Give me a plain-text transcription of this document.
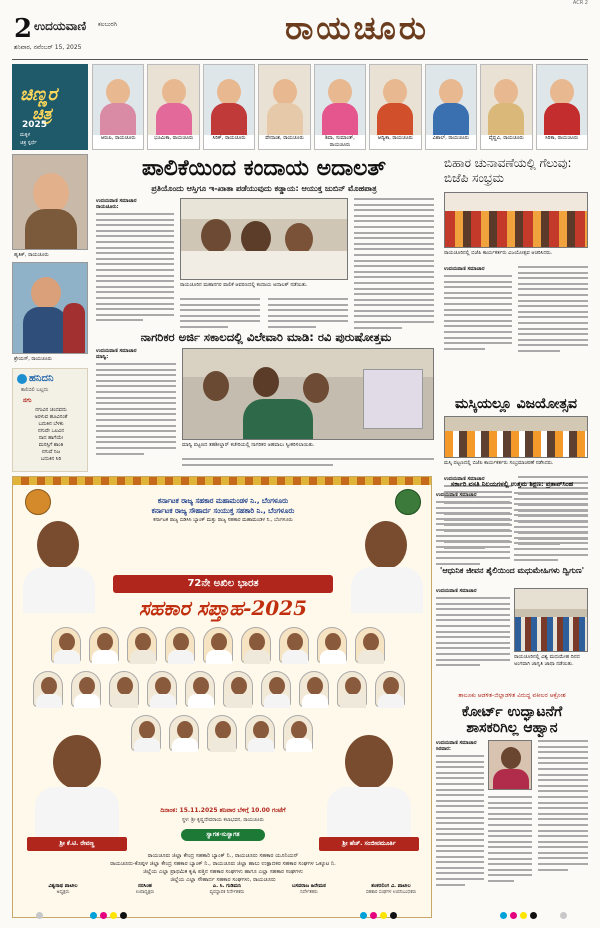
2 ಉದಯವಾಣಿ ಕಲಬುರಗಿ
ಶನಿವಾರ, ನವೆಂಬರ್ 15, 2025
ರಾಯಚೂರು
ACR 2
ಚಿಣ್ಣರ
ಚಿತ್ರ
2025
ಮಕ್ಕಳ
ಚಿತ್ರ ಸ್ಪರ್ಧೆ
ಆರುಷಿ, ರಾಯಚೂರು	ಭೂಮಿಕಾ, ರಾಯಚೂರು	ಸಿರಿಕ್, ರಾಯಚೂರು	ವೇದಾಂಶ, ರಾಯಚೂರು	ಶಿವಾ, ಸುಮಾಂತ್, ರಾಯಚೂರು
ಆದ್ವಿಕಾ, ರಾಯಚೂರು	ವಿಶಾಲ್, ರಾಯಚೂರು	ವೈಷ್ಣವಿ, ರಾಯಚೂರು	ಸಿರಿಕಾ, ರಾಯಚೂರು
ಹೃತಿಕ್, ರಾಯಚೂರು
ಶ್ರೇಯಸ್, ರಾಯಚೂರು
ಹನಿದನಿ
ಕಾಲಿಬಿಲಿ ಬಲ್ಲದು
ನಗು
ನಗುವಿನ ಚಂದವದು
ಅರಳುವ ಹೂವಿನಂತೆ
ಬದುಕಿನ ಬೆಳಕು
ನಗುವೇ ಒಲವಿನ
ನಾದ ಹಾಗೆಯೇ
ಮನಸ್ಸಿಗೆ ಶಾಂತಿ
ನಗುವೆ ನಿಜ
ಬದುಕಿನ ಸಿರಿ
ಪಾಲಿಕೆಯಿಂದ ಕಂದಾಯ ಅದಾಲತ್
ಪ್ರತಿಯೊಂದು ಆಸ್ತಿಗೂ ಇ-ಖಾತಾ ಪಡೆಯುವುದು ಕಡ್ಡಾಯ: ಆಯುಕ್ತ ಜುಬಿನ್ ಮೊಹಪಾತ್ರ
ಉದಯವಾಣಿ ಸಮಾಚಾರ
ರಾಯಚೂರು:
ರಾಯಚೂರಿನ ಮಹಾನಗರ ಪಾಲಿಕೆ ಆವರಣದಲ್ಲಿ ಕಂದಾಯ ಅದಾಲತ್ ನಡೆಯಿತು.
ನಾಗರಿಕರ ಅರ್ಜಿ ಸಕಾಲದಲ್ಲಿ ವಿಲೇವಾರಿ ಮಾಡಿ: ರವಿ ಪುರುಷೋತ್ತಮ
ಉದಯವಾಣಿ ಸಮಾಚಾರ
ಮಾನ್ವಿ:
ಮಾನ್ವಿ ಪಟ್ಟಣದ ತಹಶೀಲ್ದಾರ್ ಕಚೇರಿಯಲ್ಲಿ ನಾಗರಿಕರ ಅಹವಾಲು ಸ್ವೀಕರಿಸಲಾಯಿತು.
ಬಿಹಾರ ಚುನಾವಣೆಯಲ್ಲಿ ಗೆಲುವು: ಬಿಜೆಪಿ ಸಂಭ್ರಮ
ರಾಯಚೂರಿನಲ್ಲಿ ಬಿಜೆಪಿ ಕಾರ್ಯಕರ್ತರು ವಿಜಯೋತ್ಸವ ಆಚರಿಸಿದರು.
ಉದಯವಾಣಿ ಸಮಾಚಾರ
ಮಸ್ಕಿಯಲ್ಲೂ ವಿಜಯೋತ್ಸವ
ಮಸ್ಕಿ ಪಟ್ಟಣದಲ್ಲಿ ಬಿಜೆಪಿ ಕಾರ್ಯಕರ್ತರು ಸಂಭ್ರಮಾಚರಣೆ ನಡೆಸಿದರು.
ಉದಯವಾಣಿ ಸಮಾಚಾರ
ಕರ್ನಾಟಕ ರಾಜ್ಯ ಸಹಕಾರ ಮಹಾಮಂಡಳ ನಿ., ಬೆಂಗಳೂರು
ಕರ್ನಾಟಕ ರಾಜ್ಯ ಸೌಹಾರ್ದ ಸಂಯುಕ್ತ ಸಹಕಾರಿ ನಿ., ಬೆಂಗಳೂರು
ಕರ್ನಾಟಕ ರಾಜ್ಯ ಬಿಡಿಸಿಸಿ ಬ್ಯಾಂಕ್ ಮತ್ತು ರಾಜ್ಯ ಸಹಕಾರ ಮಹಾಮಂಡಳ ನಿ., ಬೆಂಗಳೂರು
72ನೇ ಅಖಿಲ ಭಾರತ
ಸಹಕಾರ ಸಪ್ತಾಹ-2025
ಶ್ರೀ ಕೆ.ಟಿ. ರೇವಣ್ಣ	ಶ್ರೀ ಹೆಚ್. ಸಂಜೀವಮೂರ್ತಿ
ದಿನಾಂಕ: 15.11.2025 ಶನಿವಾರ ಬೆಳಿಗ್ಗೆ 10.00 ಗಂಟೆಗೆ
ಸ್ಥಳ: ಶ್ರೀ ಕೃಷ್ಣದೇವರಾಯ ಕಲಾಭವನ, ರಾಯಚೂರು
ಸ್ವಾಗತ-ಸುಸ್ವಾಗತ
ರಾಯಚೂರು ಜಿಲ್ಲಾ ಕೇಂದ್ರ ಸಹಕಾರಿ ಬ್ಯಾಂಕ್ ನಿ., ರಾಯಚೂರು ಸಹಕಾರ ಯೂನಿಯನ್
ರಾಯಚೂರು-ಕೊಪ್ಪಳ ಜಿಲ್ಲಾ ಕೇಂದ್ರ ಸಹಕಾರ ಬ್ಯಾಂಕ್ ನಿ., ರಾಯಚೂರು ಜಿಲ್ಲಾ ಹಾಲು ಉತ್ಪಾದಕರ ಸಹಕಾರ ಸಂಘಗಳ ಒಕ್ಕೂಟ ನಿ.
ಜಿಲ್ಲೆಯ ಎಲ್ಲಾ ಪ್ರಾಥಮಿಕ ಕೃಷಿ ಪತ್ತಿನ ಸಹಕಾರ ಸಂಘಗಳು ಹಾಗೂ ಎಲ್ಲಾ ಸಹಕಾರ ಸಂಘಗಳು
ಜಿಲ್ಲೆಯ ಎಲ್ಲಾ ಸೌಹಾರ್ದ ಸಹಕಾರ ಸಂಘಗಳು, ರಾಯಚೂರು
ವಿಶ್ವನಾಥ ಪಾಟೀಲ
ಅಧ್ಯಕ್ಷರು
ನರಸಿಂಹ
ಉಪಾಧ್ಯಕ್ಷರು
ಎ. ಸಿ. ಗುಡಿಮನಿ
ವ್ಯವಸ್ಥಾಪಕ ನಿರ್ದೇಶಕರು
ಬಸವರಾಜ ಹಿರೇಮಠ
ನಿರ್ದೇಶಕರು
ಶಂಕರಲಿಂಗ ವಿ. ಪಾಟೀಲ
ಸಹಕಾರ ಸಂಘಗಳ ಉಪನಿಬಂಧಕರು
ತಾಲೂಕು ಆಡಳಿತ-ಜಿಲ್ಲಾಡಳಿತ ವಿರುದ್ಧ ವಕೀಲರ ಆಕ್ರೋಶ
ಸರ್ಕಾರಿ ವಸತಿ ನಿಲಯಗಳಲ್ಲಿ ಉತ್ತಮ ಶಿಕ್ಷಣ: ಪ್ರತಾಪ್‌ಸಿಂಹ
ಉದಯವಾಣಿ ಸಮಾಚಾರ
'ಆಧುನಿಕ ಜೀವನ ಶೈಲಿಯಿಂದ ಮಧುಮೇಹಿಗಳು ದ್ವಿಗುಣ'
ಉದಯವಾಣಿ ಸಮಾಚಾರ
ರಾಯಚೂರಿನಲ್ಲಿ ವಿಶ್ವ ಮಧುಮೇಹ ದಿನದ ಅಂಗವಾಗಿ ಜಾಗೃತಿ ಜಾಥಾ ನಡೆಯಿತು.
ಕೋರ್ಟ್ ಉದ್ಘಾಟನೆಗೆ ಶಾಸಕರಿಗಿಲ್ಲ ಆಹ್ವಾನ
ಉದಯವಾಣಿ ಸಮಾಚಾರ
ಸಿರವಾರ:
